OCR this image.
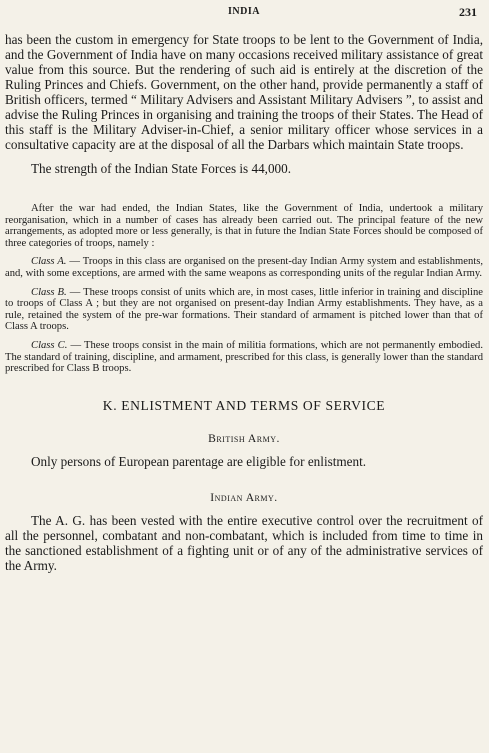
INDIA	231

has been the custom in emergency for State troops to be lent to the Government of India, and the Government of India have on many occasions received military assistance of great value from this source. But the rendering of such aid is entirely at the discretion of the Ruling Princes and Chiefs. Government, on the other hand, provide permanently a staff of British officers, termed “ Military Advisers and Assistant Military Advisers ”, to assist and advise the Ruling Princes in organising and training the troops of their States. The Head of this staff is the Military Adviser-in-Chief, a senior military officer whose services in a consultative capacity are at the disposal of all the Darbars which maintain State troops.

The strength of the Indian State Forces is 44,000.

After the war had ended, the Indian States, like the Government of India, undertook a military reorganisation, which in a number of cases has already been carried out. The principal feature of the new arrangements, as adopted more or less generally, is that in future the Indian State Forces should be composed of three categories of troops, namely :

Class A. — Troops in this class are organised on the present-day Indian Army system and establishments, and, with some exceptions, are armed with the same weapons as corresponding units of the regular Indian Army.

Class B. — These troops consist of units which are, in most cases, little inferior in training and discipline to troops of Class A ; but they are not organised on present-day Indian Army establishments. They have, as a rule, retained the system of the pre-war formations. Their standard of armament is pitched lower than that of Class A troops.

Class C. — These troops consist in the main of militia formations, which are not permanently embodied. The standard of training, discipline, and armament, prescribed for this class, is generally lower than the standard prescribed for Class B troops.

K. ENLISTMENT AND TERMS OF SERVICE
British Army.

Only persons of European parentage are eligible for enlistment.

Indian Army.

The A. G. has been vested with the entire executive control over the recruitment of all the personnel, combatant and non-combatant, which is included from time to time in the sanctioned establishment of a fighting unit or of any of the administrative services of the Army.
